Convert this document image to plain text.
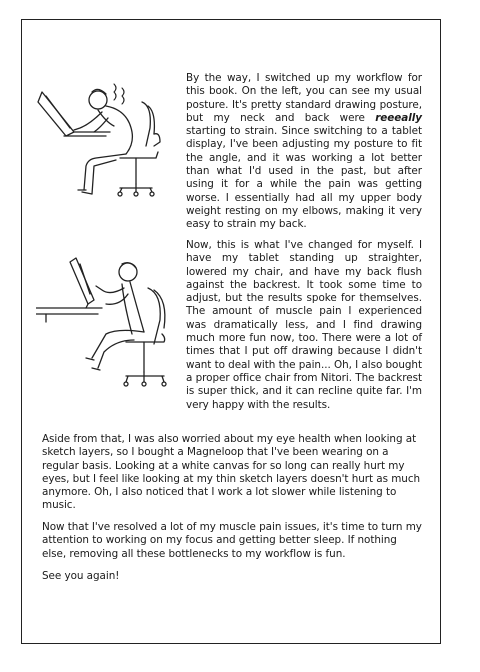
By the way, I switched up my workflow for this book. On the left, you can see my usual posture. It's pretty standard drawing posture, but my neck and back were reeeally starting to strain. Since switching to a tablet display, I've been adjusting my posture to fit the angle, and it was working a lot better than what I'd used in the past, but after using it for a while the pain was getting worse. I essentially had all my upper body weight resting on my elbows, making it very easy to strain my back.

Now, this is what I've changed for myself. I have my tablet standing up straighter, lowered my chair, and have my back flush against the backrest. It took some time to adjust, but the results spoke for themselves. The amount of muscle pain I experienced was dramatically less, and I find drawing much more fun now, too. There were a lot of times that I put off drawing because I didn't want to deal with the pain... Oh, I also bought a proper office chair from Nitori. The backrest is super thick, and it can recline quite far. I'm very happy with the results.

Aside from that, I was also worried about my eye health when looking at sketch layers, so I bought a Magneloop that I've been wearing on a regular basis. Looking at a white canvas for so long can really hurt my eyes, but I feel like looking at my thin sketch layers doesn't hurt as much anymore. Oh, I also noticed that I work a lot slower while listening to music.

Now that I've resolved a lot of my muscle pain issues, it's time to turn my attention to working on my focus and getting better sleep. If nothing else, removing all these bottlenecks to my workflow is fun.

See you again!
